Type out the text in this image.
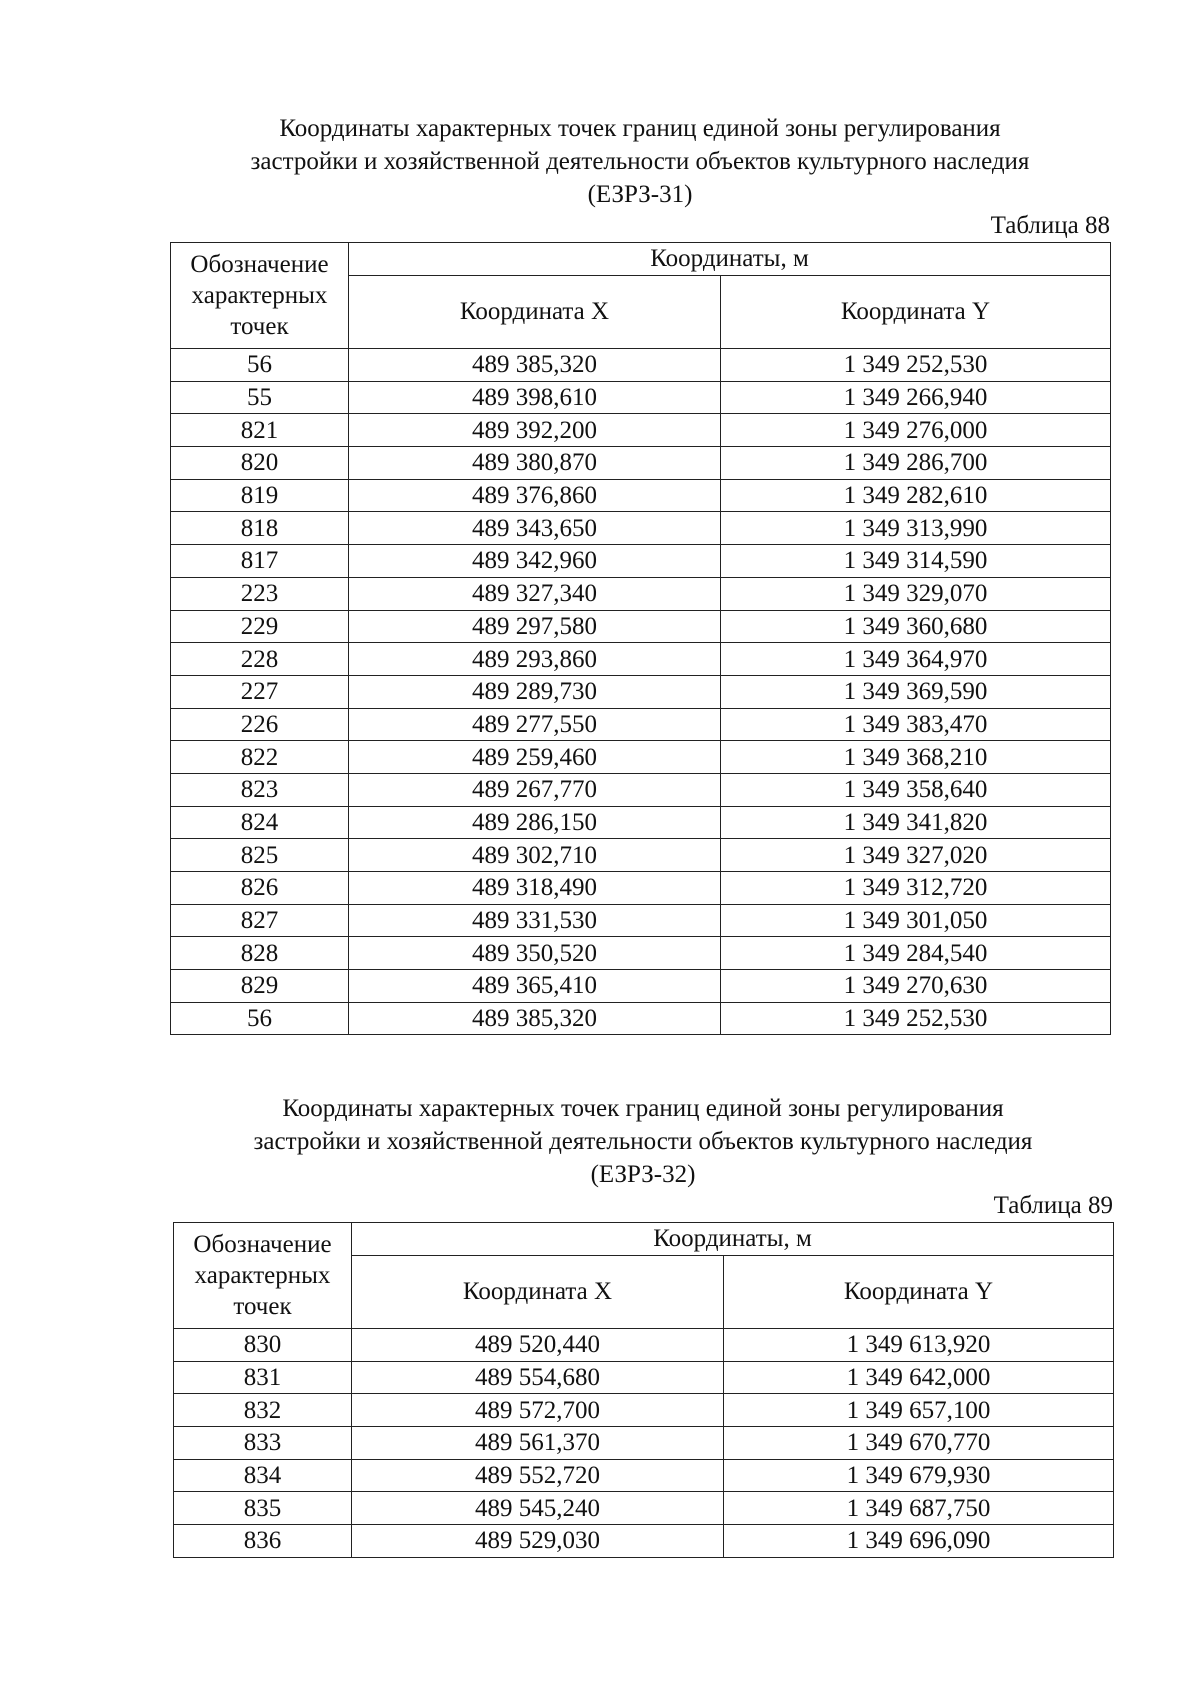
Координаты характерных точек границ единой зоны регулирования
застройки и хозяйственной деятельности объектов культурного наследия
(ЕЗРЗ-31)

Таблица 88

Обозначение характерных точек	Координаты, м	
	Координата X	Координата Y
56	489 385,320	1 349 252,530
55	489 398,610	1 349 266,940
821	489 392,200	1 349 276,000
820	489 380,870	1 349 286,700
819	489 376,860	1 349 282,610
818	489 343,650	1 349 313,990
817	489 342,960	1 349 314,590
223	489 327,340	1 349 329,070
229	489 297,580	1 349 360,680
228	489 293,860	1 349 364,970
227	489 289,730	1 349 369,590
226	489 277,550	1 349 383,470
822	489 259,460	1 349 368,210
823	489 267,770	1 349 358,640
824	489 286,150	1 349 341,820
825	489 302,710	1 349 327,020
826	489 318,490	1 349 312,720
827	489 331,530	1 349 301,050
828	489 350,520	1 349 284,540
829	489 365,410	1 349 270,630
56	489 385,320	1 349 252,530

Координаты характерных точек границ единой зоны регулирования
застройки и хозяйственной деятельности объектов культурного наследия
(ЕЗРЗ-32)

Таблица 89

Обозначение характерных точек	Координаты, м	
	Координата X	Координата Y
830	489 520,440	1 349 613,920
831	489 554,680	1 349 642,000
832	489 572,700	1 349 657,100
833	489 561,370	1 349 670,770
834	489 552,720	1 349 679,930
835	489 545,240	1 349 687,750
836	489 529,030	1 349 696,090
